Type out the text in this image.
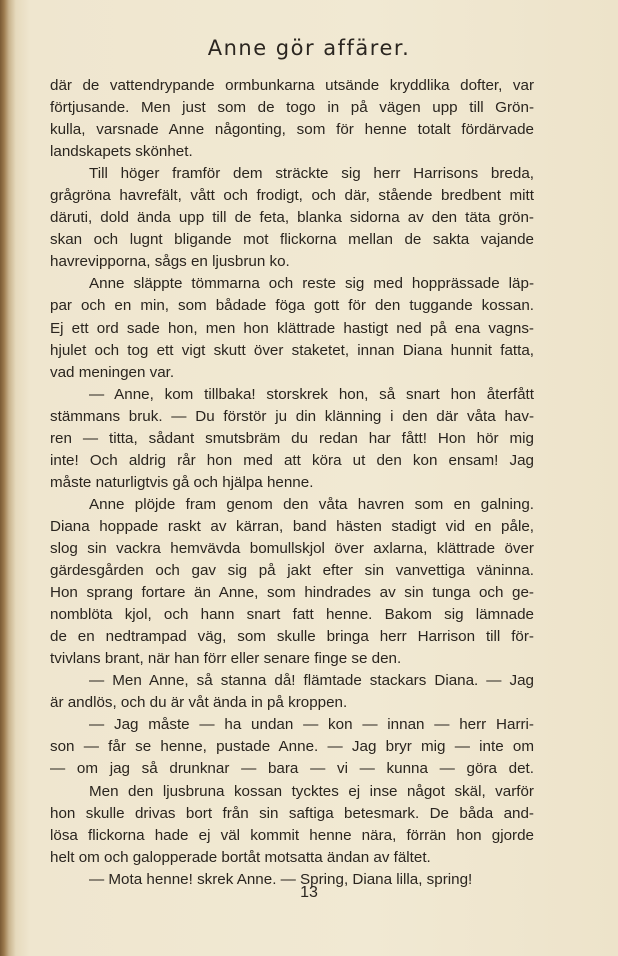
Anne gör affärer.
där de vattendrypande ormbunkarna utsände kryddlika dofter, var
förtjusande. Men just som de togo in på vägen upp till Grön-
kulla, varsnade Anne någonting, som för henne totalt fördärvade
landskapets skönhet.
Till höger framför dem sträckte sig herr Harrisons breda,
grågröna havrefält, vått och frodigt, och där, stående bredbent mitt
däruti, dold ända upp till de feta, blanka sidorna av den täta grön-
skan och lugnt bligande mot flickorna mellan de sakta vajande
havrevipporna, sågs en ljusbrun ko.
Anne släppte tömmarna och reste sig med hopprässade läp-
par och en min, som bådade föga gott för den tuggande kossan.
Ej ett ord sade hon, men hon klättrade hastigt ned på ena vagns-
hjulet och tog ett vigt skutt över staketet, innan Diana hunnit fatta,
vad meningen var.
— Anne, kom tillbaka! storskrek hon, så snart hon återfått
stämmans bruk. — Du förstör ju din klänning i den där våta hav-
ren — titta, sådant smutsbräm du redan har fått! Hon hör mig
inte! Och aldrig rår hon med att köra ut den kon ensam! Jag
måste naturligtvis gå och hjälpa henne.
Anne plöjde fram genom den våta havren som en galning.
Diana hoppade raskt av kärran, band hästen stadigt vid en påle,
slog sin vackra hemvävda bomullskjol över axlarna, klättrade över
gärdesgården och gav sig på jakt efter sin vanvettiga väninna.
Hon sprang fortare än Anne, som hindrades av sin tunga och ge-
nomblöta kjol, och hann snart fatt henne. Bakom sig lämnade
de en nedtrampad väg, som skulle bringa herr Harrison till för-
tvivlans brant, när han förr eller senare finge se den.
— Men Anne, så stanna då! flämtade stackars Diana. — Jag
är andlös, och du är våt ända in på kroppen.
— Jag måste — ha undan — kon — innan — herr Harri-
son — får se henne, pustade Anne. — Jag bryr mig — inte om
— om jag så drunknar — bara — vi — kunna — göra det.
Men den ljusbruna kossan tycktes ej inse något skäl, varför
hon skulle drivas bort från sin saftiga betesmark. De båda and-
lösa flickorna hade ej väl kommit henne nära, förrän hon gjorde
helt om och galopperade bortåt motsatta ändan av fältet.
— Mota henne! skrek Anne. — Spring, Diana lilla, spring!
13
